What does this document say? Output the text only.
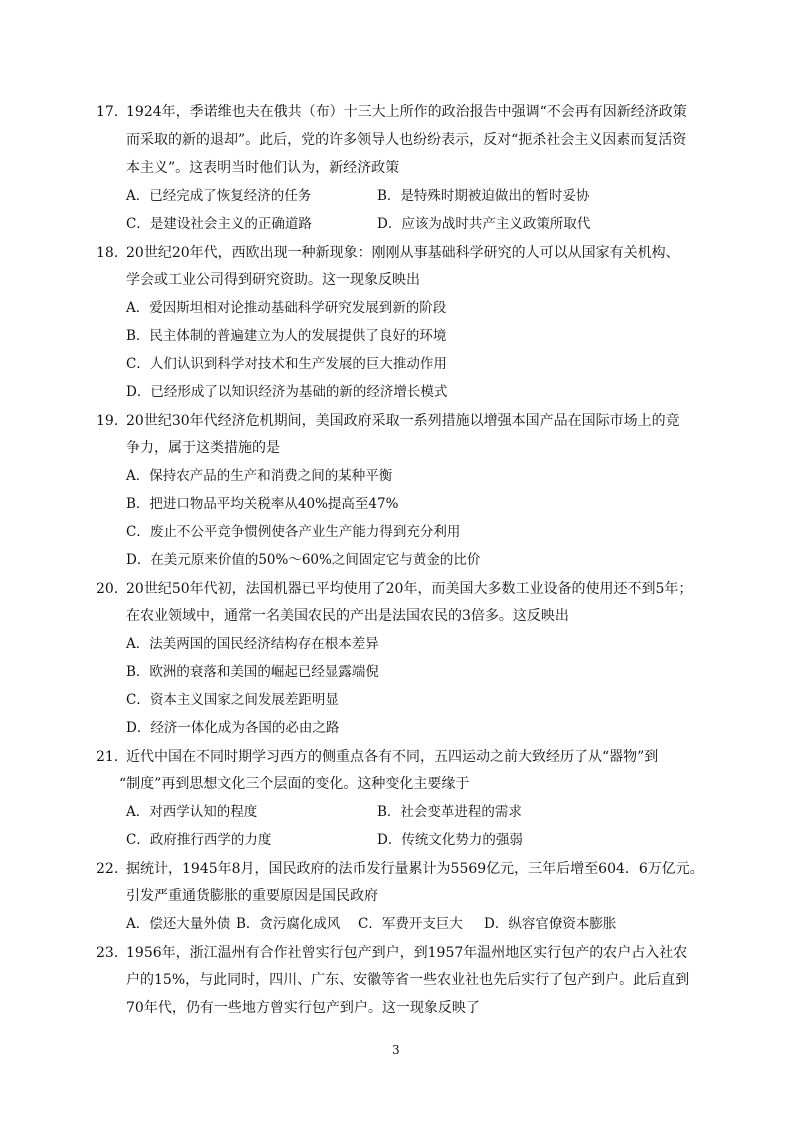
17. 1924年，季诺维也夫在俄共（布）十三大上所作的政治报告中强调“不会再有因新经济政策
而采取的新的退却”。此后，党的许多领导人也纷纷表示，反对“扼杀社会主义因素而复活资
本主义”。这表明当时他们认为，新经济政策
A．已经完成了恢复经济的任务	B．是特殊时期被迫做出的暂时妥协
C．是建设社会主义的正确道路	D．应该为战时共产主义政策所取代
18. 20世纪20年代，西欧出现一种新现象：刚刚从事基础科学研究的人可以从国家有关机构、
学会或工业公司得到研究资助。这一现象反映出
A．爱因斯坦相对论推动基础科学研究发展到新的阶段
B．民主体制的普遍建立为人的发展提供了良好的环境
C．人们认识到科学对技术和生产发展的巨大推动作用
D．已经形成了以知识经济为基础的新的经济增长模式
19. 20世纪30年代经济危机期间，美国政府采取一系列措施以增强本国产品在国际市场上的竞
争力，属于这类措施的是
A．保持农产品的生产和消费之间的某种平衡
B．把进口物品平均关税率从40%提高至47%
C．废止不公平竞争惯例使各产业生产能力得到充分利用
D．在美元原来价值的50%～60%之间固定它与黄金的比价
20. 20世纪50年代初，法国机器已平均使用了20年，而美国大多数工业设备的使用还不到5年；
在农业领域中，通常一名美国农民的产出是法国农民的3倍多。这反映出
A．法美两国的国民经济结构存在根本差异
B．欧洲的衰落和美国的崛起已经显露端倪
C．资本主义国家之间发展差距明显
D．经济一体化成为各国的必由之路
21. 近代中国在不同时期学习西方的侧重点各有不同，五四运动之前大致经历了从“器物”到
“制度”再到思想文化三个层面的变化。这种变化主要缘于
A．对西学认知的程度	B．社会变革进程的需求
C．政府推行西学的力度	D．传统文化势力的强弱
22. 据统计，1945年8月，国民政府的法币发行量累计为5569亿元，三年后增至604．6万亿元。
引发严重通货膨胀的重要原因是国民政府
A．偿还大量外债 B．贪污腐化成风 C．军费开支巨大 D．纵容官僚资本膨胀
23. 1956年，浙江温州有合作社曾实行包产到户，到1957年温州地区实行包产的农户占入社农
户的15%，与此同时，四川、广东、安徽等省一些农业社也先后实行了包产到户。此后直到
70年代，仍有一些地方曾实行包产到户。这一现象反映了
3
